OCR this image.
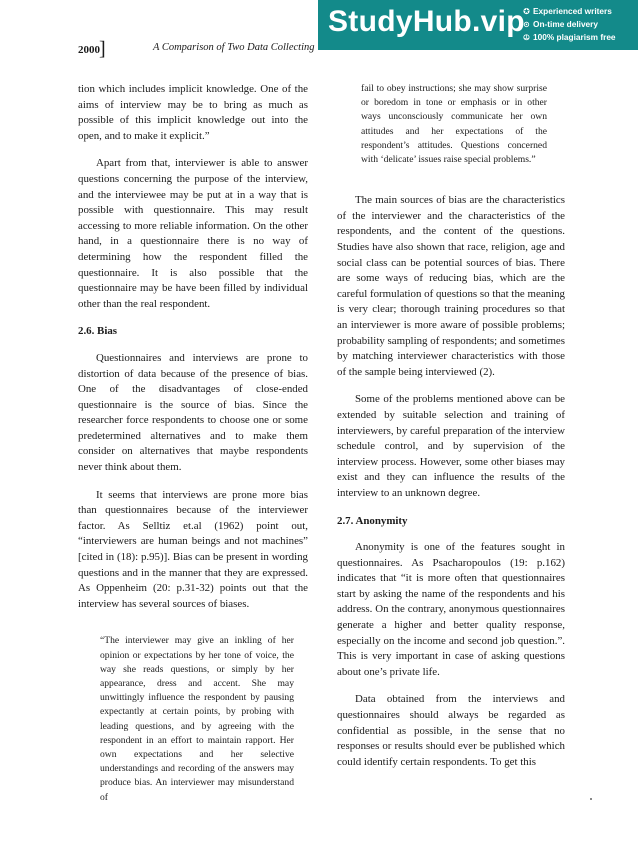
2000]	A Comparison of Two Data Collecting
StudyHub.vip
✪ Experienced writers
⊙ On-time delivery
⦹ 100% plagiarism free

tion which includes implicit knowledge. One of the aims of interview may be to bring as much as possible of this implicit knowledge out into the open, and to make it explicit.”

Apart from that, interviewer is able to answer questions concerning the purpose of the interview, and the interviewee may be put at in a way that is possible with questionnaire. This may result accessing to more reliable information. On the other hand, in a questionnaire there is no way of determining how the respondent filled the questionnaire. It is also possible that the questionnaire may be have been filled by individual other than the real respondent.

2.6. Bias

Questionnaires and interviews are prone to distortion of data because of the presence of bias. One of the disadvantages of close-ended questionnaire is the source of bias. Since the researcher force respondents to choose one or some predetermined alternatives and to make them consider on alternatives that maybe respondents never think about them.

It seems that interviews are prone more bias than questionnaires because of the interviewer factor. As Selltiz et.al (1962) point out, “interviewers are human beings and not machines” [cited in (18): p.95)]. Bias can be present in wording questions and in the manner that they are expressed. As Oppenheim (20: p.31-32) points out that the interview has several sources of biases.

“The interviewer may give an inkling of her opinion or expectations by her tone of voice, the way she reads questions, or simply by her appearance, dress and accent. She may unwittingly influence the respondent by pausing expectantly at certain points, by probing with leading questions, and by agreeing with the respondent in an effort to maintain rapport. Her own expectations and her selective understandings and recording of the answers may produce bias. An interviewer may misunderstand of

fail to obey instructions; she may show surprise or boredom in tone or emphasis or in other ways unconsciously communicate her own attitudes and her expectations of the respondent’s attitudes. Questions concerned with ‘delicate’ issues raise special problems.”

The main sources of bias are the characteristics of the interviewer and the characteristics of the respondents, and the content of the questions. Studies have also shown that race, religion, age and social class can be potential sources of bias. There are some ways of reducing bias, which are the careful formulation of questions so that the meaning is very clear; thorough training procedures so that an interviewer is more aware of possible problems; probability sampling of respondents; and sometimes by matching interviewer characteristics with those of the sample being interviewed (2).

Some of the problems mentioned above can be extended by suitable selection and training of interviewers, by careful preparation of the interview schedule control, and by supervision of the interview process. However, some other biases may exist and they can influence the results of the interview to an unknown degree.

2.7. Anonymity

Anonymity is one of the features sought in questionnaires. As Psacharopoulos (19: p.162) indicates that “it is more often that questionnaires start by asking the name of the respondents and his address. On the contrary, anonymous questionnaires generate a higher and better quality response, especially on the income and second job question.”. This is very important in case of asking questions about one’s private life.

Data obtained from the interviews and questionnaires should always be regarded as confidential as possible, in the sense that no responses or results should ever be published which could identify certain respondents. To get this
